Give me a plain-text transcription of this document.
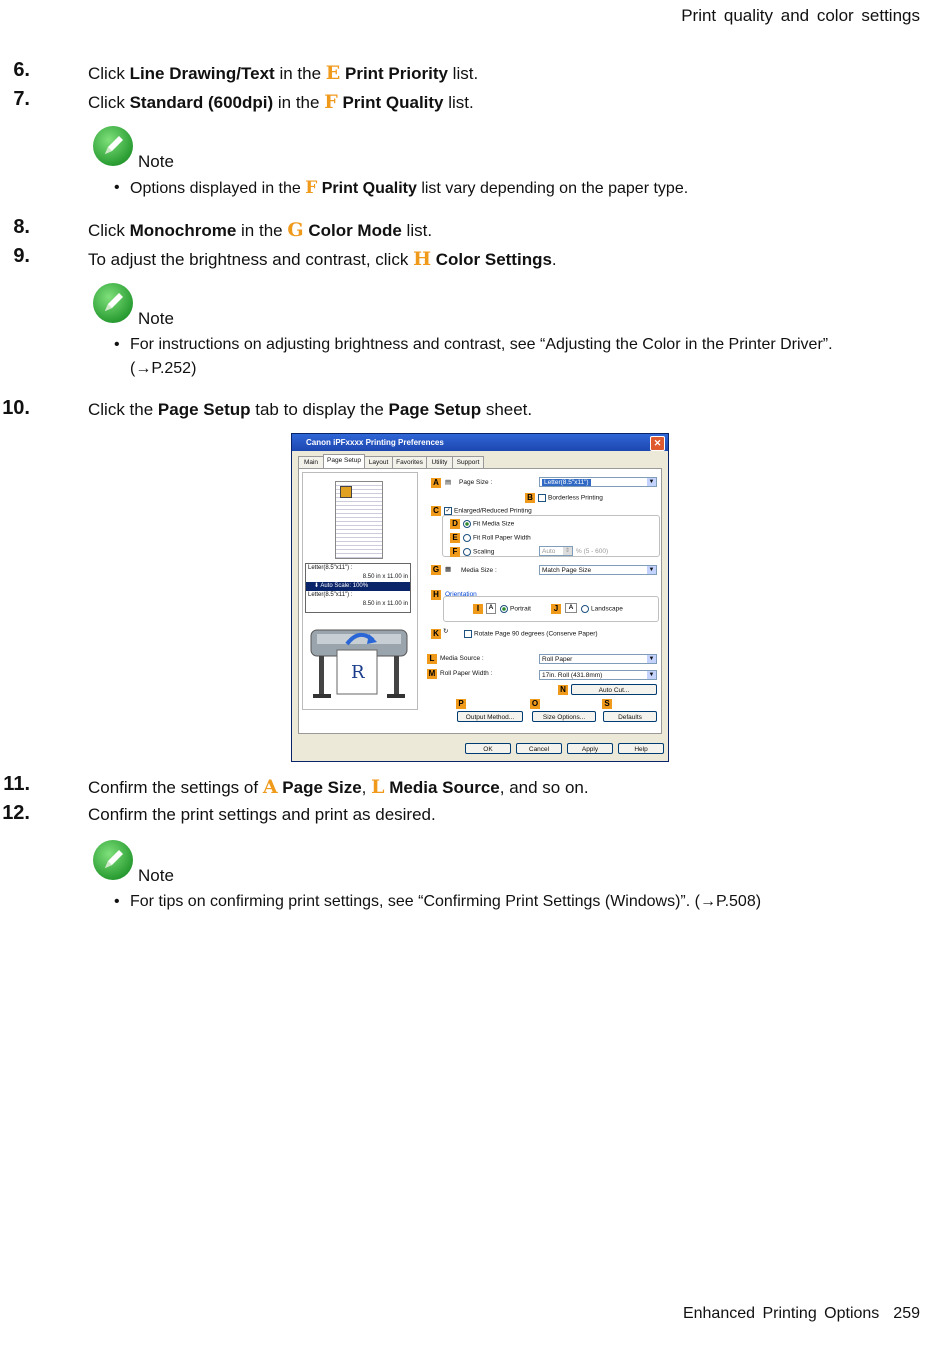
Print quality and color settings
6.	Click Line Drawing/Text in the E Print Priority list.
7.	Click Standard (600dpi) in the F Print Quality list.
Note
• Options displayed in the F Print Quality list vary depending on the paper type.
8.	Click Monochrome in the G Color Mode list.
9.	To adjust the brightness and contrast, click H Color Settings.
Note
• For instructions on adjusting brightness and contrast, see “Adjusting the Color in the Printer Driver”. (→P.252)
10.	Click the Page Setup tab to display the Page Setup sheet.
Canon iPFxxxx Printing Preferences	✕
Main	Page Setup	Layout	Favorites	Utility	Support
Letter(8.5"x11") :
8.50 in x 11.00 in
⬇ Auto Scale: 100%
Letter(8.5"x11") :
8.50 in x 11.00 in
R
A ▤ Page Size :	Letter(8.5"x11")	▼
B	Borderless Printing
C	✓ Enlarged/Reduced Printing
D	Fit Media Size
E	Fit Roll Paper Width
F	Scaling	Auto	⇕ % (5 - 600)
G ▦ Media Size :	Match Page Size	▼
H Orientation
I	A	Portrait	J	A	Landscape
K ↻	Rotate Page 90 degrees (Conserve Paper)
L Media Source :	Roll Paper	▼
M Roll Paper Width :	17in. Roll (431.8mm)	▼
N	Auto Cut...
P	O	S
Output Method...	Size Options...	Defaults
OK	Cancel	Apply	Help
11.	Confirm the settings of A Page Size, L Media Source, and so on.
12.	Confirm the print settings and print as desired.
Note
• For tips on confirming print settings, see “Confirming Print Settings (Windows)”. (→P.508)
Enhanced Printing Options 259
